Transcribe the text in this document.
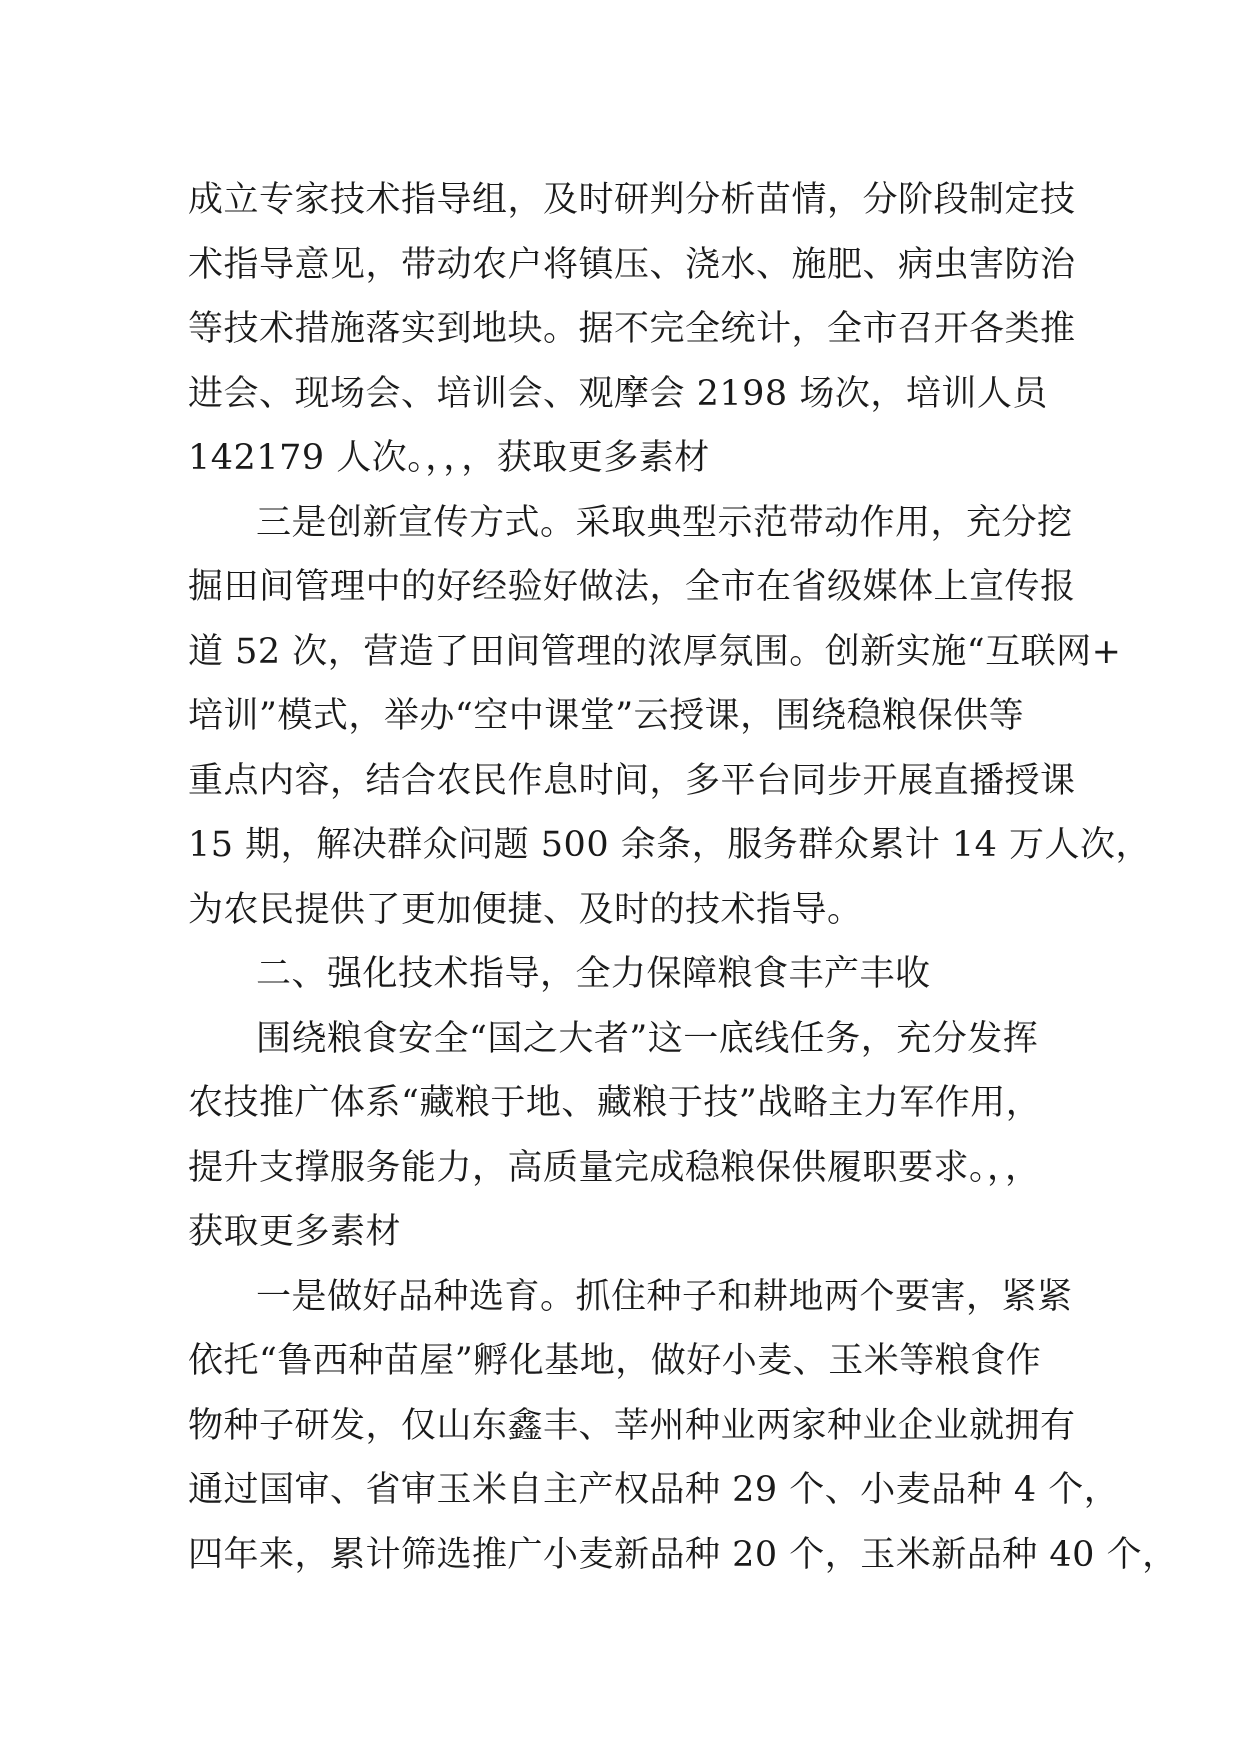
成立专家技术指导组，及时研判分析苗情，分阶段制定技
术指导意见，带动农户将镇压、浇水、施肥、病虫害防治
等技术措施落实到地块。据不完全统计，全市召开各类推
进会、现场会、培训会、观摩会 2198 场次，培训人员
142179 人次。，，，获取更多素材
三是创新宣传方式。采取典型示范带动作用，充分挖
掘田间管理中的好经验好做法，全市在省级媒体上宣传报
道 52 次，营造了田间管理的浓厚氛围。创新实施“互联网+
培训”模式，举办“空中课堂”云授课，围绕稳粮保供等
重点内容，结合农民作息时间，多平台同步开展直播授课
15 期，解决群众问题 500 余条，服务群众累计 14 万人次，
为农民提供了更加便捷、及时的技术指导。
二、强化技术指导，全力保障粮食丰产丰收
围绕粮食安全“国之大者”这一底线任务，充分发挥
农技推广体系“藏粮于地、藏粮于技”战略主力军作用，
提升支撑服务能力，高质量完成稳粮保供履职要求。，，
获取更多素材
一是做好品种选育。抓住种子和耕地两个要害，紧紧
依托“鲁西种苗屋”孵化基地，做好小麦、玉米等粮食作
物种子研发，仅山东鑫丰、莘州种业两家种业企业就拥有
通过国审、省审玉米自主产权品种 29 个、小麦品种 4 个，
四年来，累计筛选推广小麦新品种 20 个，玉米新品种 40 个，
